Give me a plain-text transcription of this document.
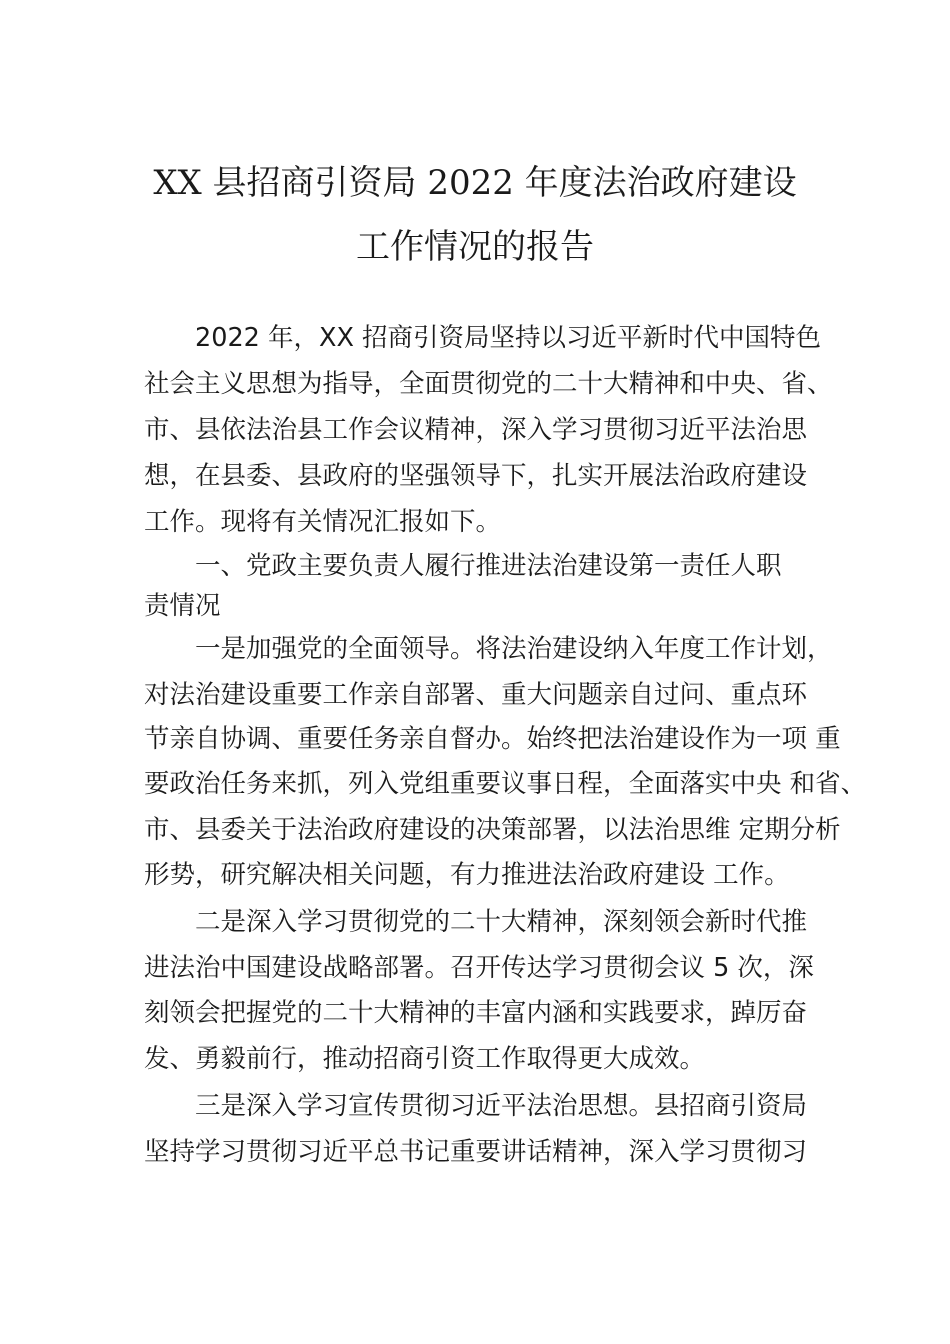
XX 县招商引资局 2022 年度法治政府建设
工作情况的报告
2022 年，XX 招商引资局坚持以习近平新时代中国特色
社会主义思想为指导，全面贯彻党的二十大精神和中央、省、
市、县依法治县工作会议精神，深入学习贯彻习近平法治思
想，在县委、县政府的坚强领导下，扎实开展法治政府建设
工作。现将有关情况汇报如下。
一、党政主要负责人履行推进法治建设第一责任人职
责情况
一是加强党的全面领导。将法治建设纳入年度工作计划，
对法治建设重要工作亲自部署、重大问题亲自过问、重点环
节亲自协调、重要任务亲自督办。始终把法治建设作为一项 重
要政治任务来抓，列入党组重要议事日程，全面落实中央 和省、
市、县委关于法治政府建设的决策部署，以法治思维 定期分析
形势，研究解决相关问题，有力推进法治政府建设 工作。
二是深入学习贯彻党的二十大精神，深刻领会新时代推
进法治中国建设战略部署。召开传达学习贯彻会议 5 次，深
刻领会把握党的二十大精神的丰富内涵和实践要求，踔厉奋
发、勇毅前行，推动招商引资工作取得更大成效。
三是深入学习宣传贯彻习近平法治思想。县招商引资局
坚持学习贯彻习近平总书记重要讲话精神，深入学习贯彻习
